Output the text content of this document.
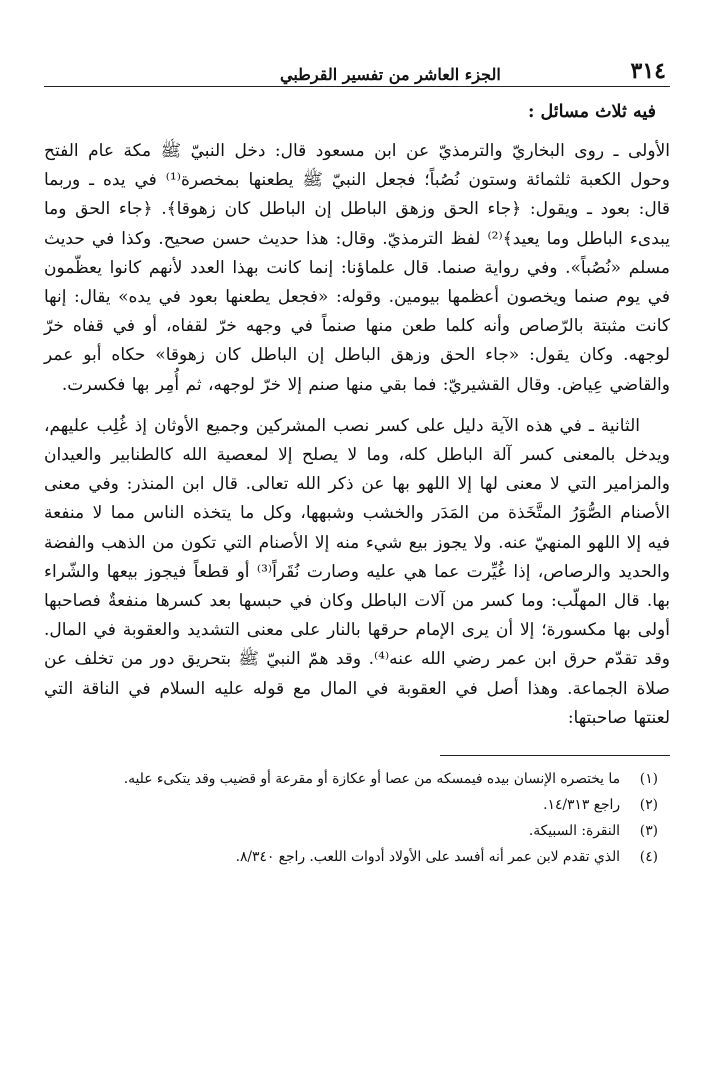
٣١٤
الجزء العاشر من تفسير القرطبي
فيه ثلاث مسائل :

الأولى ـ روى البخاريّ والترمذيّ عن ابن مسعود قال: دخل النبيّ ﷺ مكة عام الفتح وحول الكعبة ثلثمائة وستون نُصُباً؛ فجعل النبيّ ﷺ يطعنها بمخصرة⁽¹⁾ في يده ـ وربما قال: بعود ـ ويقول: ﴿جاء الحق وزهق الباطل إن الباطل كان زهوقا﴾. ﴿جاء الحق وما يبدىء الباطل وما يعيد﴾⁽²⁾ لفظ الترمذيّ. وقال: هذا حديث حسن صحيح. وكذا في حديث مسلم «نُصُباً». وفي رواية صنما. قال علماؤنا: إنما كانت بهذا العدد لأنهم كانوا يعظّمون في يوم صنما ويخصون أعظمها بيومين. وقوله: «فجعل يطعنها بعود في يده» يقال: إنها كانت مثبتة بالرّصاص وأنه كلما طعن منها صنماً في وجهه خرّ لقفاه، أو في قفاه خرّ لوجهه. وكان يقول: «جاء الحق وزهق الباطل إن الباطل كان زهوقا» حكاه أبو عمر والقاضي عِياض. وقال القشيريّ: فما بقي منها صنم إلا خرّ لوجهه، ثم أُمِر بها فكسرت.

الثانية ـ في هذه الآية دليل على كسر نصب المشركين وجميع الأوثان إذ غُلِب عليهم، ويدخل بالمعنى كسر آلة الباطل كله، وما لا يصلح إلا لمعصية الله كالطنابير والعيدان والمزامير التي لا معنى لها إلا اللهو بها عن ذكر الله تعالى. قال ابن المنذر: وفي معنى الأصنام الصُّوَرُ المتَّخَذة من المَدَر والخشب وشبهها، وكل ما يتخذه الناس مما لا منفعة فيه إلا اللهو المنهيّ عنه. ولا يجوز بيع شيء منه إلا الأصنام التي تكون من الذهب والفضة والحديد والرصاص، إذا غُيِّرت عما هي عليه وصارت نُقَراً⁽³⁾ أو قطعاً فيجوز بيعها والشّراء بها. قال المهلّب: وما كسر من آلات الباطل وكان في حبسها بعد كسرها منفعةٌ فصاحبها أولى بها مكسورة؛ إلا أن يرى الإمام حرقها بالنار على معنى التشديد والعقوبة في المال. وقد تقدّم حرق ابن عمر رضي الله عنه⁽⁴⁾. وقد همّ النبيّ ﷺ بتحريق دور من تخلف عن صلاة الجماعة. وهذا أصل في العقوبة في المال مع قوله عليه السلام في الناقة التي لعنتها صاحبتها:

(١)
ما يختصره الإنسان بيده فيمسكه من عصا أو عكازة أو مقرعة أو قضيب وقد يتكىء عليه.
(٢)
راجع ١٤/٣١٣.
(٣)
النقرة: السبيكة.
(٤)
الذي تقدم لابن عمر أنه أفسد على الأولاد أدوات اللعب. راجع ٨/٣٤٠.
